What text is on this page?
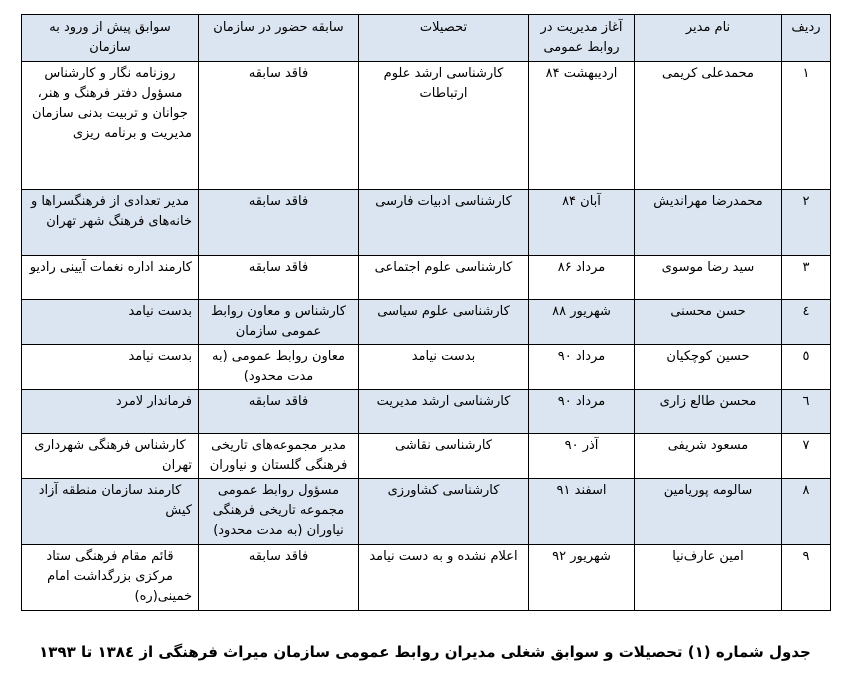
ردیف	نام مدیر	آغاز مدیریت در روابط عمومی	تحصیلات	سابقه حضور در سازمان	سوابق پیش از ورود به سازمان
۱	محمدعلی کریمی	اردیبهشت ۸۴	کارشناسی ارشد علوم ارتباطات	فاقد سابقه	روزنامه نگار و کارشناس مسؤول دفتر فرهنگ و هنر، جوانان و تربیت بدنی سازمان مدیریت و برنامه ریزی
۲	محمدرضا مهراندیش	آبان ۸۴	کارشناسی ادبیات فارسی	فاقد سابقه	مدیر تعدادی از فرهنگسراها و خانه‌های فرهنگ شهر تهران
۳	سید رضا موسوی	مرداد ۸۶	کارشناسی علوم اجتماعی	فاقد سابقه	کارمند اداره نغمات آیینی رادیو
٤	حسن محسنی	شهریور ۸۸	کارشناسی علوم سیاسی	کارشناس و معاون روابط عمومی سازمان	بدست نیامد
٥	حسین کوچکیان	مرداد ۹۰	بدست نیامد	معاون روابط عمومی (به مدت محدود)	بدست نیامد
٦	محسن طالع زاری	مرداد ۹۰	کارشناسی ارشد مدیریت	فاقد سابقه	فرماندار لامرد
۷	مسعود شریفی	آذر ۹۰	کارشناسی نقاشی	مدیر مجموعه‌های تاریخی فرهنگی گلستان و نیاوران	کارشناس فرهنگی شهرداری تهران
۸	سالومه پوریامین	اسفند ۹۱	کارشناسی کشاورزی	مسؤول روابط عمومی مجموعه تاریخی فرهنگی نیاوران (به مدت محدود)	کارمند سازمان منطقه آزاد کیش
۹	امین عارف‌نیا	شهریور ۹۲	اعلام نشده و به دست نیامد	فاقد سابقه	قائم مقام فرهنگی ستاد مرکزی بزرگداشت امام خمینی(ره)
جدول شماره (۱) تحصیلات و سوابق شغلی مدیران روابط عمومی سازمان میراث فرهنگی از ۱۳۸٤ تا ۱۳۹۳
